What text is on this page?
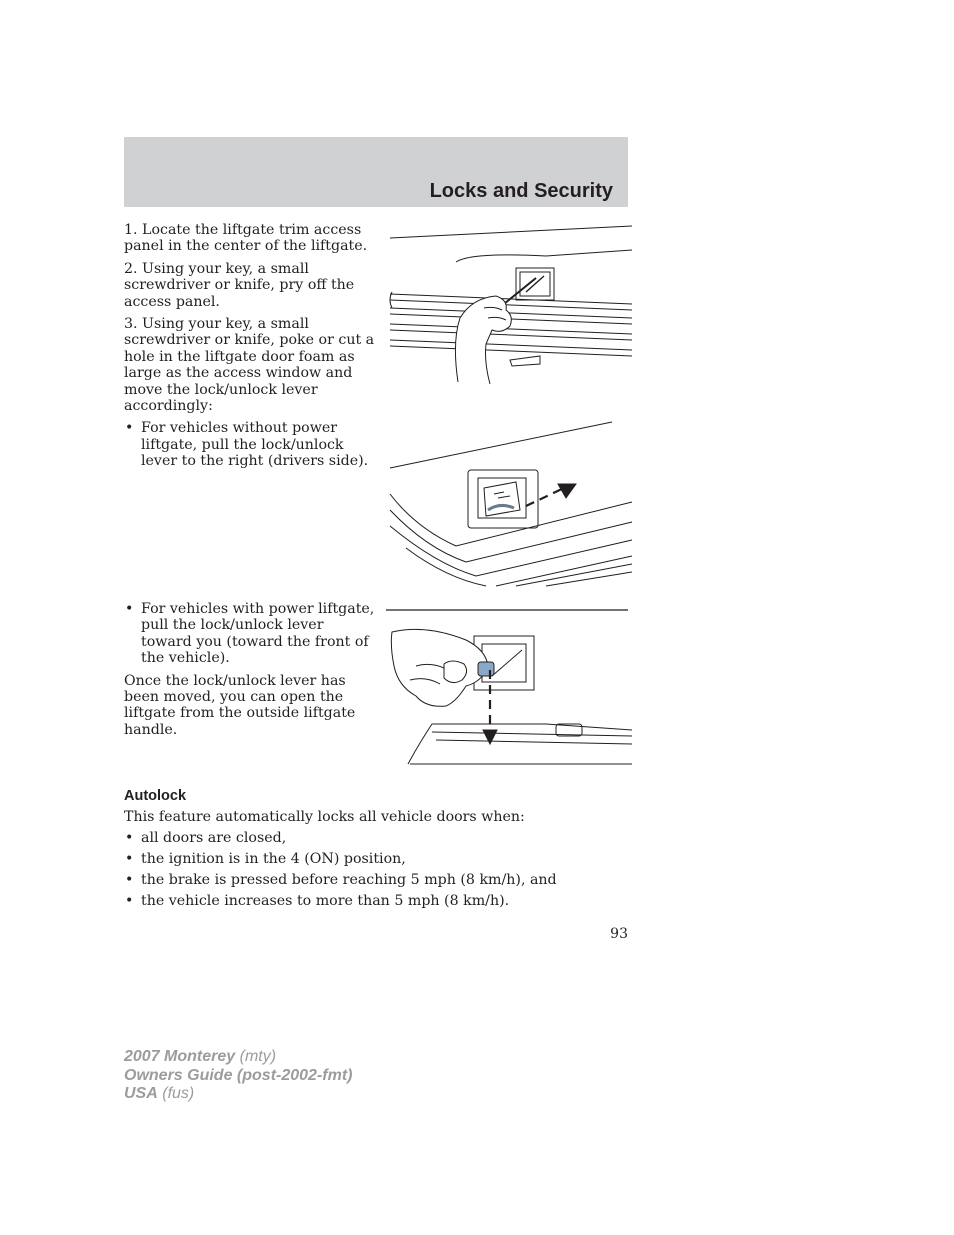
Locks and Security

1. Locate the liftgate trim access panel in the center of the liftgate.

2. Using your key, a small screwdriver or knife, pry off the access panel.

3. Using your key, a small screwdriver or knife, poke or cut a hole in the liftgate door foam as large as the access window and move the lock/unlock lever accordingly:

• For vehicles without power liftgate, pull the lock/unlock lever to the right (drivers side).
• For vehicles with power liftgate, pull the lock/unlock lever toward you (toward the front of the vehicle).

Once the lock/unlock lever has been moved, you can open the liftgate from the outside liftgate handle.

Autolock

This feature automatically locks all vehicle doors when:

• all doors are closed,
• the ignition is in the 4 (ON) position,
• the brake is pressed before reaching 5 mph (8 km/h), and
• the vehicle increases to more than 5 mph (8 km/h).
93
2007 Monterey (mty)
Owners Guide (post-2002-fmt)
USA (fus)
